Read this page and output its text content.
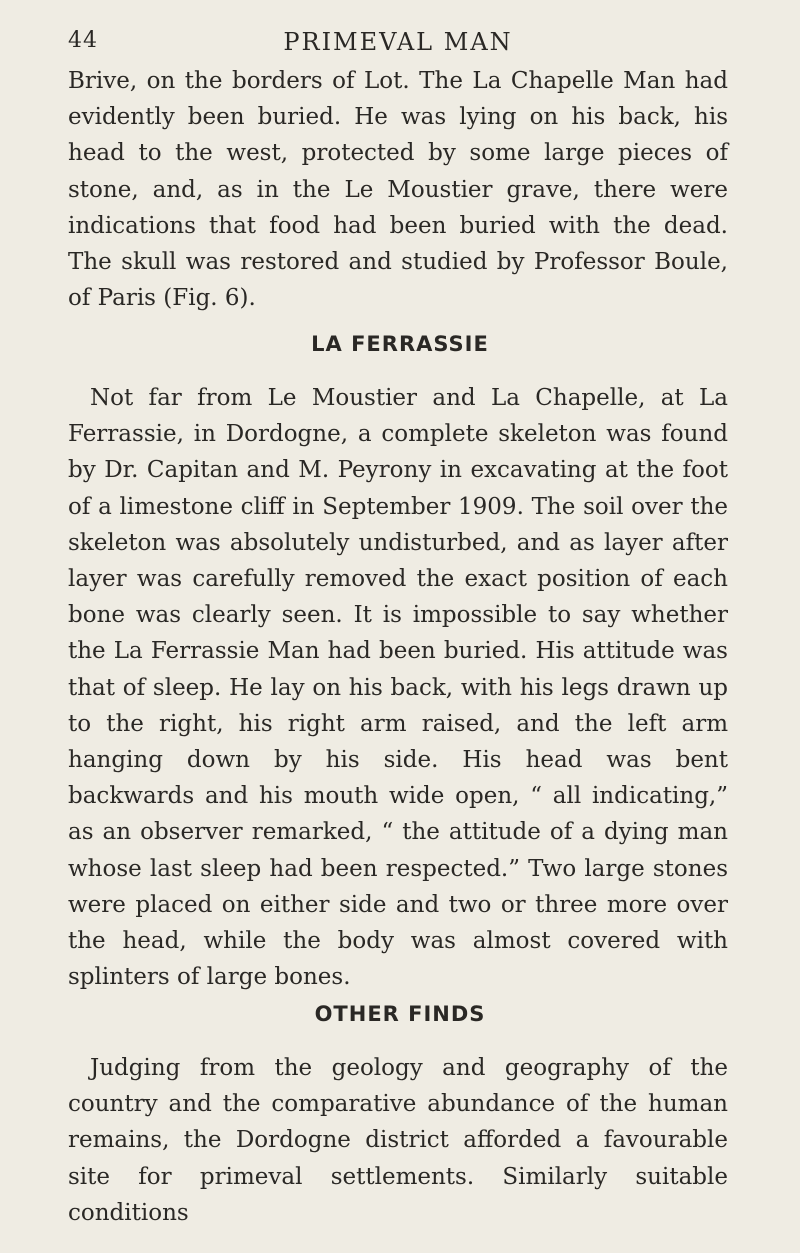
44	PRIMEVAL MAN

Brive, on the borders of Lot. The La Chapelle Man had evidently been buried. He was lying on his back, his head to the west, protected by some large pieces of stone, and, as in the Le Moustier grave, there were indications that food had been buried with the dead. The skull was restored and studied by Professor Boule, of Paris (Fig. 6).

LA FERRASSIE

Not far from Le Moustier and La Chapelle, at La Ferrassie, in Dordogne, a complete skeleton was found by Dr. Capitan and M. Peyrony in excavating at the foot of a limestone cliff in September 1909. The soil over the skeleton was absolutely undisturbed, and as layer after layer was carefully removed the exact position of each bone was clearly seen. It is impossible to say whether the La Ferrassie Man had been buried. His attitude was that of sleep. He lay on his back, with his legs drawn up to the right, his right arm raised, and the left arm hanging down by his side. His head was bent backwards and his mouth wide open, “ all indicating,” as an observer remarked, “ the attitude of a dying man whose last sleep had been respected.” Two large stones were placed on either side and two or three more over the head, while the body was almost covered with splinters of large bones.

OTHER FINDS

Judging from the geology and geography of the country and the comparative abundance of the human remains, the Dordogne district afforded a favourable site for primeval settlements. Similarly suitable conditions
